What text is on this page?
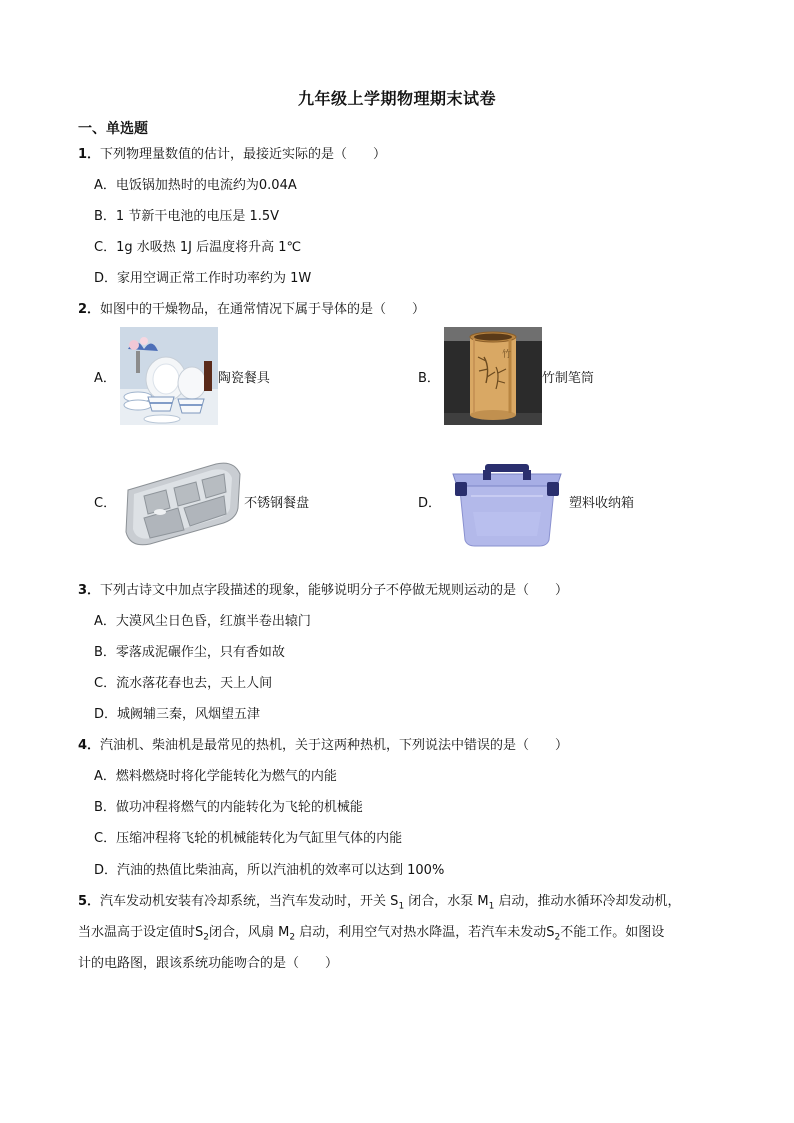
九年级上学期物理期末试卷
一、单选题
1．下列物理量数值的估计，最接近实际的是（　　）
A．电饭锅加热时的电流约为0.04A
B．1 节新干电池的电压是 1.5V
C．1g 水吸热 1J 后温度将升高 1℃
D．家用空调正常工作时功率约为 1W
2．如图中的干燥物品，在通常情况下属于导体的是（　　）
A．	陶瓷餐具	B．
竹
竹制笔筒
C．	不锈钢餐盘	D．	塑料收纳箱
3．下列古诗文中加点字段描述的现象，能够说明分子不停做无规则运动的是（　　）
A．大漠风尘日色昏，红旗半卷出辕门
B．零落成泥碾作尘，只有香如故
C．流水落花春也去，天上人间
D．城阙辅三秦，风烟望五津
4．汽油机、柴油机是最常见的热机，关于这两种热机，下列说法中错误的是（　　）
A．燃料燃烧时将化学能转化为燃气的内能
B．做功冲程将燃气的内能转化为飞轮的机械能
C．压缩冲程将飞轮的机械能转化为气缸里气体的内能
D．汽油的热值比柴油高，所以汽油机的效率可以达到 100%
5．汽车发动机安装有冷却系统，当汽车发动时，开关 $S_1$ 闭合，水泵 $M_1$ 启动，推动水循环冷却发动机，
当水温高于设定值时$S_2$闭合，风扇 $M_2$ 启动，利用空气对热水降温，若汽车未发动$S_2$不能工作。如图设
计的电路图，跟该系统功能吻合的是（　　）
